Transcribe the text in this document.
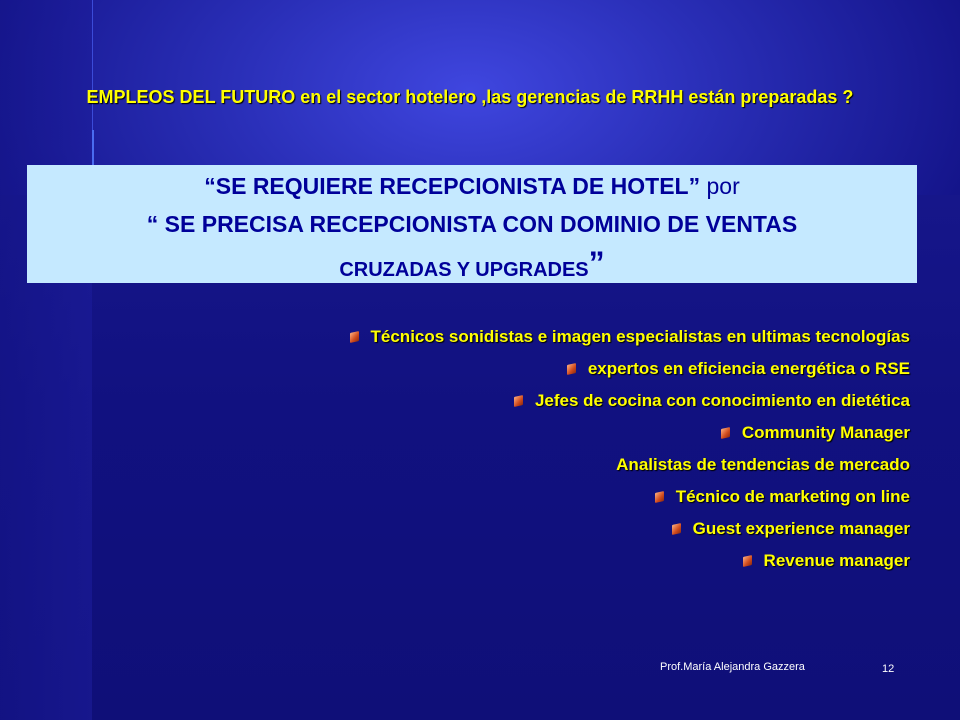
EMPLEOS DEL FUTURO en el sector hotelero ,las gerencias de RRHH están preparadas ?
“SE REQUIERE RECEPCIONISTA DE HOTEL” por
“ SE PRECISA RECEPCIONISTA CON DOMINIO DE VENTAS
CRUZADAS Y UPGRADES”
Técnicos sonidistas e imagen especialistas en ultimas tecnologías
expertos en eficiencia energética o RSE
Jefes de cocina con conocimiento en dietética
Community Manager
Analistas de tendencias de mercado
Técnico de marketing on line
Guest experience manager
Revenue manager
Prof.María Alejandra Gazzera	12
